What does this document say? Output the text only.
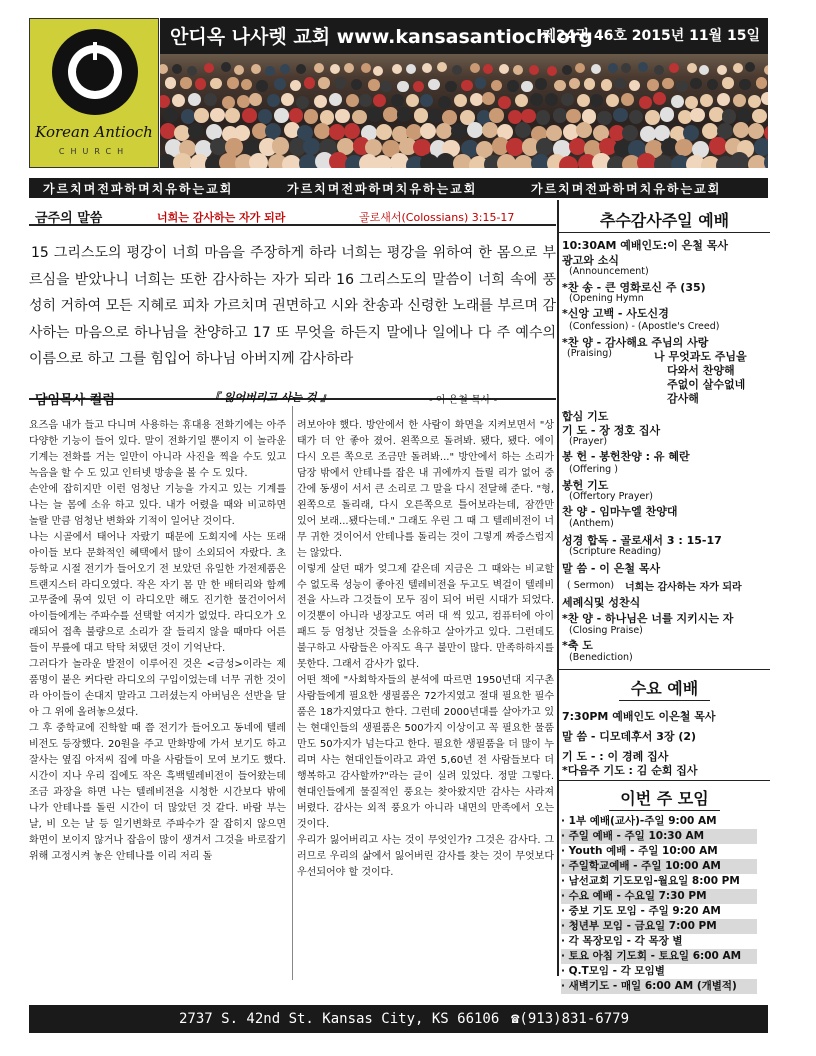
Korean Antioch
CHURCH
안디옥 나사렛 교회 www.kansasantioch.org
제24권 46호 2015년 11월 15일
가르치며전파하며치유하는교회	가르치며전파하며치유하는교회	가르치며전파하며치유하는교회
금주의 말씀	너희는 감사하는 자가 되라	골로새서(Colossians) 3:15-17

15 그리스도의 평강이 너희 마음을 주장하게 하라 너희는 평강을 위하여 한 몸으로 부르심을 받았나니 너희는 또한 감사하는 자가 되라 16 그리스도의 말씀이 너희 속에 풍성히 거하여 모든 지혜로 피차 가르치며 권면하고 시와 찬송과 신령한 노래를 부르며 감사하는 마음으로 하나님을 찬양하고 17 또 무엇을 하든지 말에나 일에나 다 주 예수의 이름으로 하고 그를 힘입어 하나님 아버지께 감사하라

담임목사 컬럼	『 잃어버리고 사는 것 』	- 이 은철 목사 -

요즈음 내가 들고 다니며 사용하는 휴대용 전화기에는 아주 다양한 기능이 들어 있다. 말이 전화기일 뿐이지 이 놀라운 기계는 전화를 거는 일만이 아니라 사진을 찍을 수도 있고 녹음을 할 수 도 있고 인터넷 방송을 볼 수 도 있다.

손안에 잡히지만 이런 엄청난 기능을 가지고 있는 기계를 나는 늘 몸에 소유 하고 있다. 내가 어렸을 때와 비교하면 놀랄 만큼 엄청난 변화와 기적이 일어난 것이다.

나는 시골에서 태어나 자랐기 때문에 도회지에 사는 또래 아이들 보다 문화적인 혜택에서 많이 소외되어 자랐다. 초등학교 시절 전기가 들어오기 전 보았던 유일한 가전제품은 트랜지스터 라디오였다. 작은 자기 몸 만 한 배터리와 함께 고무줄에 묶여 있던 이 라디오만 해도 진기한 물건이어서 아이들에게는 주파수를 선택할 여지가 없었다. 라디오가 오래되어 접촉 불량으로 소리가 잘 들리지 않을 때마다 어른들이 무릎에 대고 탁탁 쳐댔던 것이 기억난다.

그러다가 놀라운 발전이 이루어진 것은 <금성>이라는 제품명이 붙은 커다란 라디오의 구입이었는데 너무 귀한 것이라 아이들이 손대지 말라고 그러셨는지 아버님은 선반을 달아 그 위에 올려놓으셨다.

그 후 중학교에 진학할 때 쯤 전기가 들어오고 동네에 텔레비전도 등장했다. 20원을 주고 만화방에 가서 보기도 하고 잘사는 옆집 아저씨 집에 마을 사람들이 모여 보기도 했다. 시간이 지나 우리 집에도 작은 흑백텔레비전이 들어왔는데 조금 과장을 하면 나는 텔레비전을 시청한 시간보다 밖에 나가 안테나를 돌린 시간이 더 많았던 것 같다. 바람 부는 날, 비 오는 날 등 일기변화로 주파수가 잘 잡히지 않으면 화면이 보이지 않거나 잡음이 많이 생겨서 그것을 바로잡기 위해 고정시켜 놓은 안테나를 이리 저리 돌

려보아야 했다. 방안에서 한 사람이 화면을 지켜보면서 "상태가 더 안 좋아 졌어. 왼쪽으로 돌려봐. 됐다, 됐다. 에이 다시 오른 쪽으로 조금만 돌려봐..." 방안에서 하는 소리가 담장 밖에서 안테나를 잡은 내 귀에까지 들릴 리가 없어 중간에 동생이 서서 큰 소리로 그 말을 다시 전달해 준다. "형, 왼쪽으로 돌리래, 다시 오른쪽으로 틀어보라는데, 잠깐만 있어 보래...됐다는데." 그래도 우린 그 때 그 텔레비전이 너무 귀한 것이어서 안테나를 돌리는 것이 그렇게 짜증스럽지는 않았다.

이렇게 살던 때가 엊그제 같은데 지금은 그 때와는 비교할 수 없도록 성능이 좋아진 텔레비전을 두고도 벽걸이 텔레비전을 사느라 그것들이 모두 짐이 되어 버린 시대가 되었다. 이것뿐이 아니라 냉장고도 여러 대 씩 있고, 컴퓨터에 아이패드 등 엄청난 것들을 소유하고 살아가고 있다. 그런데도 불구하고 사람들은 아직도 욕구 불만이 많다. 만족하하지를 못한다. 그래서 감사가 없다.

어떤 책에 "사회학자들의 분석에 따르면 1950년대 지구촌 사람들에게 필요한 생필품은 72가지였고 절대 필요한 필수품은 18가지였다고 한다. 그런데 2000년대를 살아가고 있는 현대인들의 생필품은 500가지 이상이고 꼭 필요한 물품만도 50가지가 넘는다고 한다. 필요한 생필품을 더 많이 누리며 사는 현대인들이라고 과연 5,60년 전 사람들보다 더 행복하고 감사할까?"라는 글이 실려 있었다. 정말 그렇다. 현대인들에게 물질적인 풍요는 찾아왔지만 감사는 사라져 버렸다. 감사는 외적 풍요가 아니라 내면의 만족에서 오는 것이다.

우리가 잃어버리고 사는 것이 무엇인가? 그것은 감사다. 그러므로 우리의 삶에서 잃어버린 감사를 찾는 것이 무엇보다 우선되어야 할 것이다.

추수감사주일 예배
10:30AM 예배인도:이 은철 목사
광고와 소식
(Announcement)
*찬 송 - 큰 영화로신 주 (35)
(Opening Hymn
*신앙 고백 - 사도신경
(Confession) - (Apostle's Creed)
*찬 양 - 감사해요 주님의 사랑
(Praising)	나 무엇과도 주님을
다와서 찬양해
주없이 살수없네
감사해
합심 기도
기 도 - 장 정호 집사
(Prayer)
봉 헌 - 봉헌찬양 : 유 혜란
(Offering )
봉헌 기도
(Offertory Prayer)
찬 양 - 임마누엘 찬양대
(Anthem)
성경 합독 - 골로새서 3 : 15-17
(Scripture Reading)
말 씀 - 이 은철 목사
( Sermon) 너희는 감사하는 자가 되라
세례식및 성찬식
*찬 양 - 하나님은 너를 지키시는 자
(Closing Praise)
*축 도
(Benediction)
수요 예배
7:30PM 예배인도 이은철 목사
말 씀 - 디모데후서 3장 (2)
기 도 - : 이 경례 집사
*다음주 기도 : 김 순회 집사
이번 주 모임
· 1부 예배(교사)-주일 9:00 AM
· 주일 예배 - 주일 10:30 AM
· Youth 예배 - 주일 10:00 AM
· 주일학교예배 - 주일 10:00 AM
· 남선교회 기도모임-월요일 8:00 PM
· 수요 예배 - 수요일 7:30 PM
· 중보 기도 모임 - 주일 9:20 AM
· 청년부 모임 - 금요일 7:00 PM
· 각 목장모임 - 각 목장 별
· 토요 아침 기도회 - 토요일 6:00 AM
· Q.T모임 - 각 모임별
· 새벽기도 - 매일 6:00 AM (개별적)
2737 S. 42nd St. Kansas City, KS 66106 ☎(913)831-6779
